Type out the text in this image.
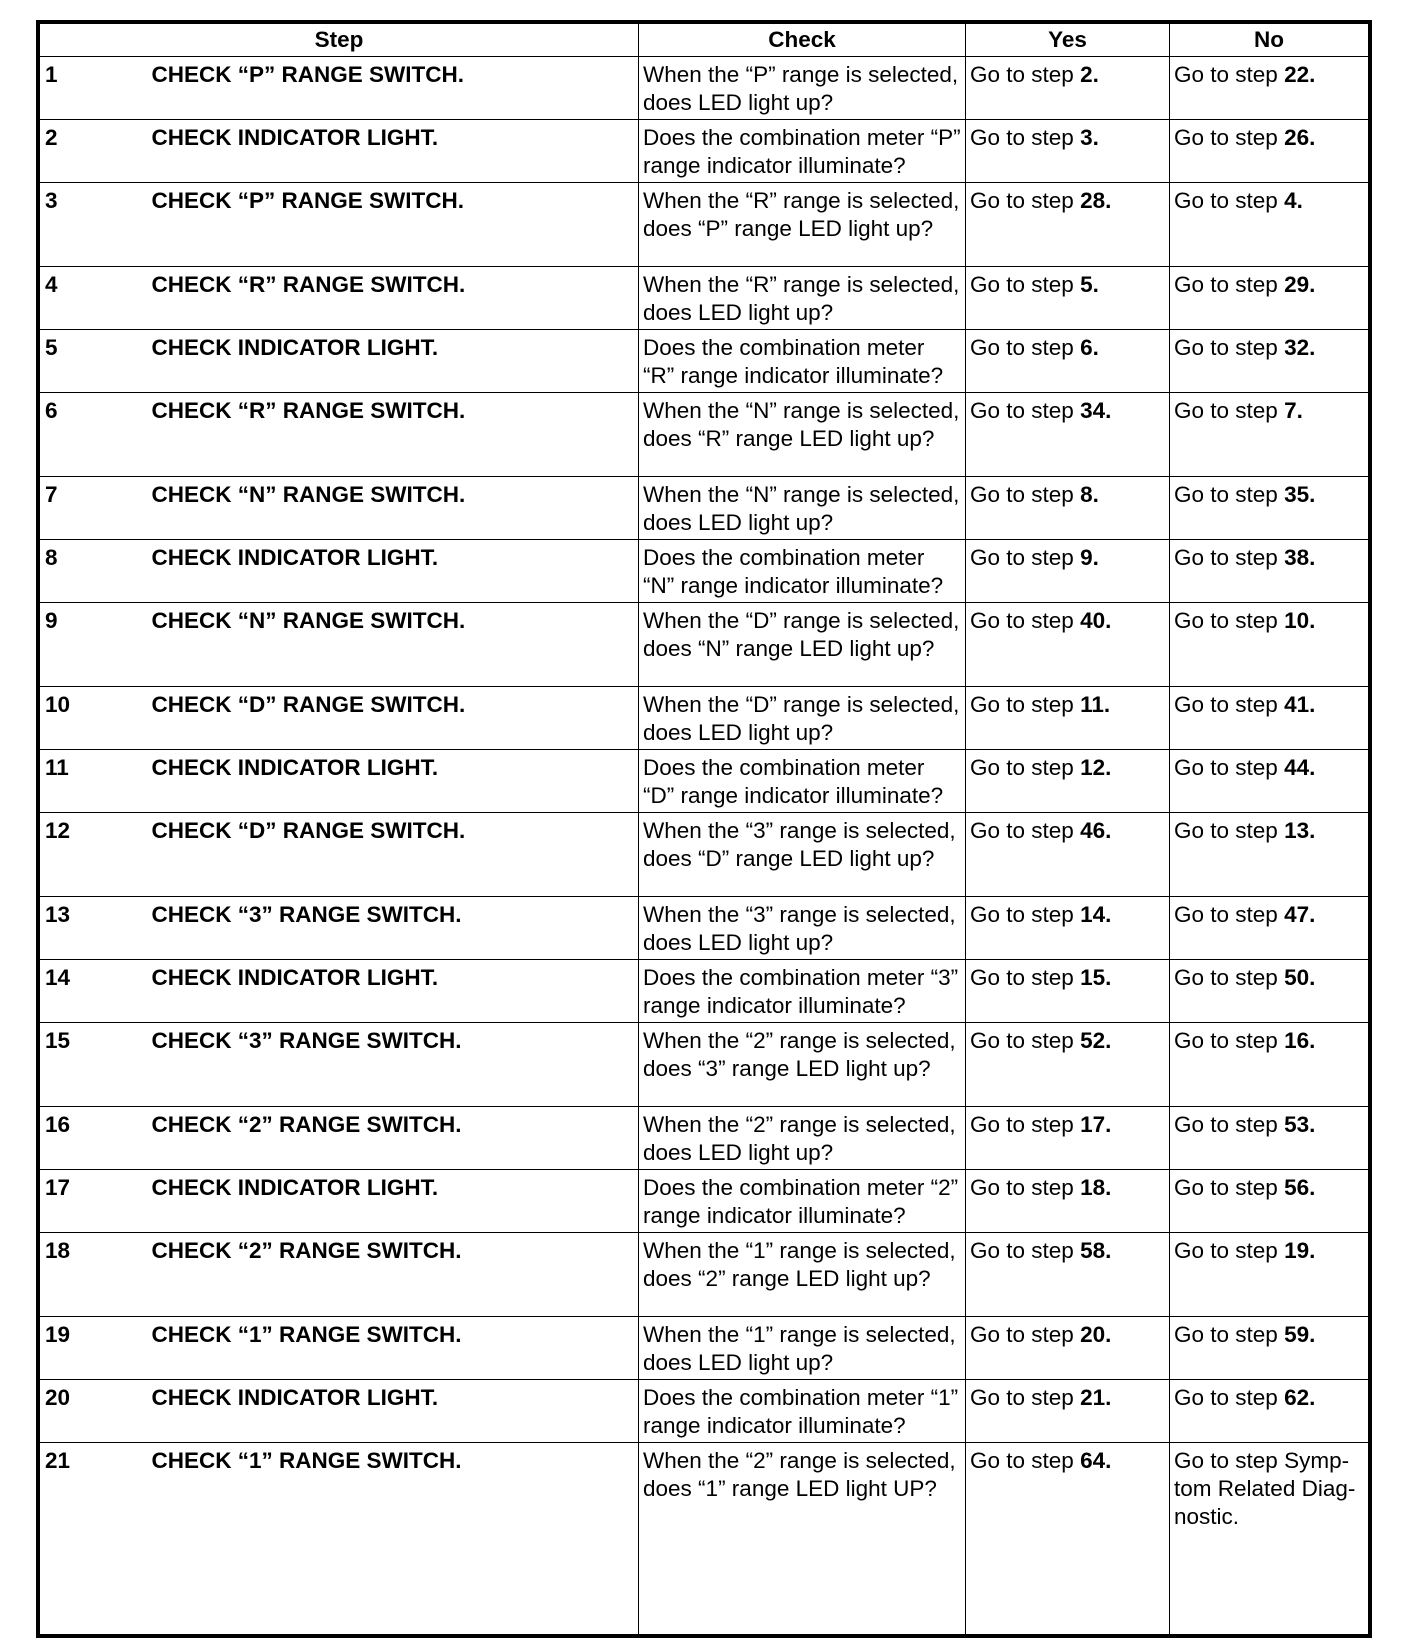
Step		Check	Yes	No
1	CHECK “P” RANGE SWITCH.	When the “P” range is selected, does LED light up?	Go to step 2.	Go to step 22.
2	CHECK INDICATOR LIGHT.	Does the combination meter “P” range indicator illuminate?	Go to step 3.	Go to step 26.
3	CHECK “P” RANGE SWITCH.	When the “R” range is selected, does “P” range LED light up?	Go to step 28.	Go to step 4.
4	CHECK “R” RANGE SWITCH.	When the “R” range is selected, does LED light up?	Go to step 5.	Go to step 29.
5	CHECK INDICATOR LIGHT.	Does the combination meter “R” range indicator illuminate?	Go to step 6.	Go to step 32.
6	CHECK “R” RANGE SWITCH.	When the “N” range is selected, does “R” range LED light up?	Go to step 34.	Go to step 7.
7	CHECK “N” RANGE SWITCH.	When the “N” range is selected, does LED light up?	Go to step 8.	Go to step 35.
8	CHECK INDICATOR LIGHT.	Does the combination meter “N” range indicator illuminate?	Go to step 9.	Go to step 38.
9	CHECK “N” RANGE SWITCH.	When the “D” range is selected, does “N” range LED light up?	Go to step 40.	Go to step 10.
10	CHECK “D” RANGE SWITCH.	When the “D” range is selected, does LED light up?	Go to step 11.	Go to step 41.
11	CHECK INDICATOR LIGHT.	Does the combination meter “D” range indicator illuminate?	Go to step 12.	Go to step 44.
12	CHECK “D” RANGE SWITCH.	When the “3” range is selected, does “D” range LED light up?	Go to step 46.	Go to step 13.
13	CHECK “3” RANGE SWITCH.	When the “3” range is selected, does LED light up?	Go to step 14.	Go to step 47.
14	CHECK INDICATOR LIGHT.	Does the combination meter “3” range indicator illuminate?	Go to step 15.	Go to step 50.
15	CHECK “3” RANGE SWITCH.	When the “2” range is selected, does “3” range LED light up?	Go to step 52.	Go to step 16.
16	CHECK “2” RANGE SWITCH.	When the “2” range is selected, does LED light up?	Go to step 17.	Go to step 53.
17	CHECK INDICATOR LIGHT.	Does the combination meter “2” range indicator illuminate?	Go to step 18.	Go to step 56.
18	CHECK “2” RANGE SWITCH.	When the “1” range is selected, does “2” range LED light up?	Go to step 58.	Go to step 19.
19	CHECK “1” RANGE SWITCH.	When the “1” range is selected, does LED light up?	Go to step 20.	Go to step 59.
20	CHECK INDICATOR LIGHT.	Does the combination meter “1” range indicator illuminate?	Go to step 21.	Go to step 62.
21	CHECK “1” RANGE SWITCH.	When the “2” range is selected, does “1” range LED light UP?	Go to step 64.	Go to step Symp-tom Related Diag-nostic.
